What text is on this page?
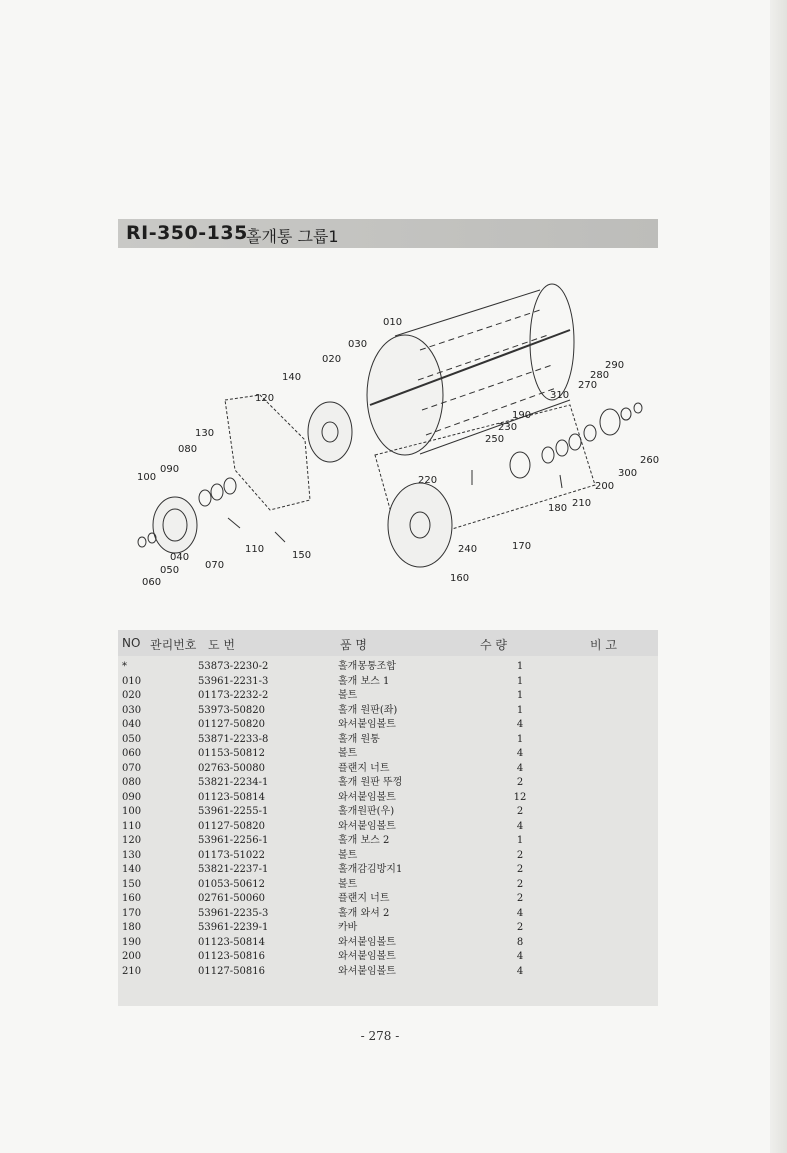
RI-350-135
홀개통 그룹1
010
030
020
140
120
130
080
090
100
040
050
060
070
110
150
290
280
270
310
190
230
250
220
200
180 210
170
240
160
300
260
NO 관리번호 도 번	품 명	수 량	비 고
*	53873-2230-2	홀개몽통조합	1
010	53961-2231-3	홀개 보스 1	1
020	01173-2232-2	볼트	1
030	53973-50820	홀개 원판(좌)	1
040	01127-50820	와셔붙임볼트	4
050	53871-2233-8	홀개 원통	1
060	01153-50812	볼트	4
070	02763-50080	플랜지 너트	4
080	53821-2234-1	홀개 원판 뚜껑	2
090	01123-50814	와셔붙임볼트	12
100	53961-2255-1	홀개원판(우)	2
110	01127-50820	와셔붙임볼트	4
120	53961-2256-1	홀개 보스 2	1
130	01173-51022	볼트	2
140	53821-2237-1	홀개감김방지1	2
150	01053-50612	볼트	2
160	02761-50060	플랜지 너트	2
170	53961-2235-3	홀개 와셔 2	4
180	53961-2239-1	카바	2
190	01123-50814	와셔붙임볼트	8
200	01123-50816	와셔붙임볼트	4
210	01127-50816	와셔붙임볼트	4
- 278 -
